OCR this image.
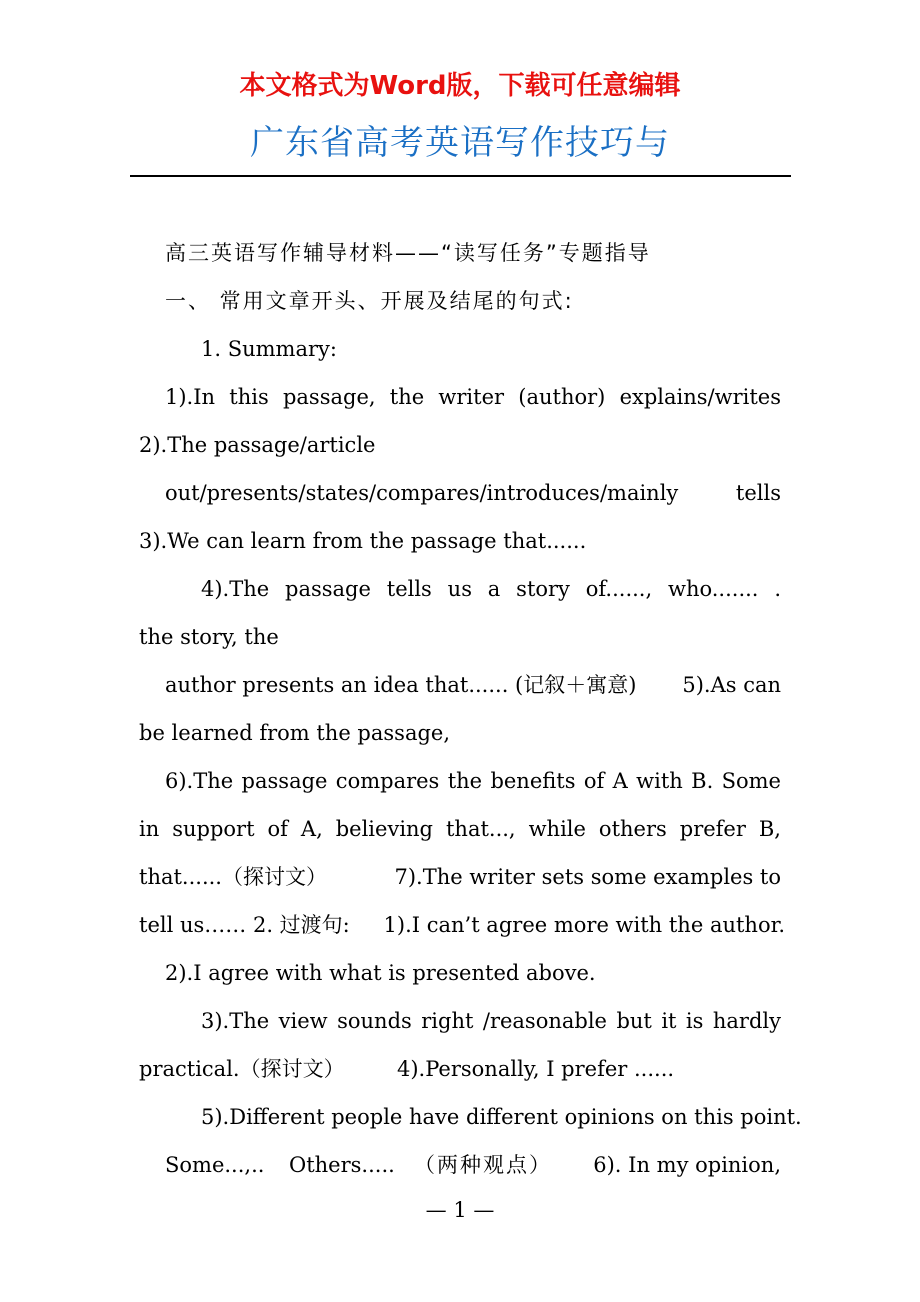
本文格式为Word版，下载可任意编辑
广东省高考英语写作技巧与
高三英语写作辅导材料——“读写任务”专题指导
一、 常用文章开头、开展及结尾的句式:
1. Summary:
1).In this passage, the writer (author) explains/writes
2).The passage/article
out/presents/states/compares/introduces/mainly tells
3).We can learn from the passage that......
4).The passage tells us a story of......, who....... .
the story, the
author presents an idea that...... (记叙＋寓意) 5).As can
be learned from the passage,
6).The passage compares the benefits of A with B. Some
in support of A, believing that..., while others prefer B,
that......（探讨文）	7).The writer sets some examples to
tell us…… 2. 过渡句: 1).I can’t agree more with the author.
2).I agree with what is presented above.
3).The view sounds right /reasonable but it is hardly
practical.（探讨文） 4).Personally, I prefer ......
5).Different people have different opinions on this point.
Some...,.. Others..... （两种观点） 6). In my opinion,
— 1 —
